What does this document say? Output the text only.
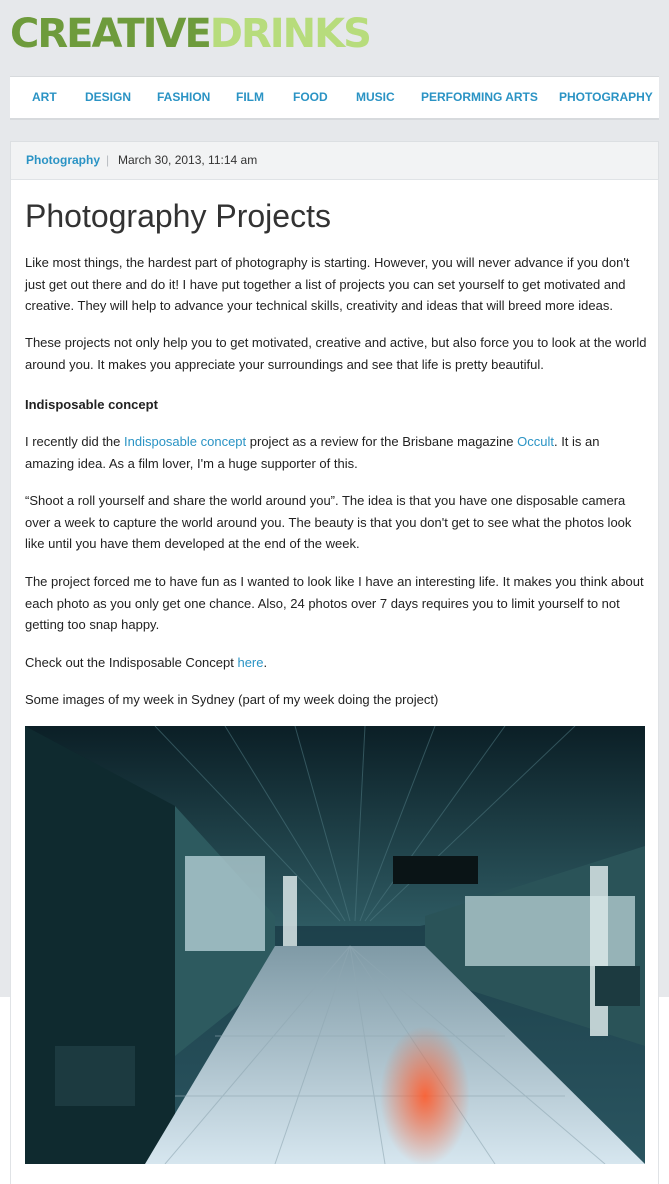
CREATIVEDRINKS
ART DESIGN FASHION FILM FOOD MUSIC PERFORMING ARTS PHOTOGRAPHY
Photography | March 30, 2013, 11:14 am
Photography Projects

Like most things, the hardest part of photography is starting. However, you will never advance if you don't just get out there and do it! I have put together a list of projects you can set yourself to get motivated and creative. They will help to advance your technical skills, creativity and ideas that will breed more ideas.

These projects not only help you to get motivated, creative and active, but also force you to look at the world around you. It makes you appreciate your surroundings and see that life is pretty beautiful.

Indisposable concept

I recently did the Indisposable concept project as a review for the Brisbane magazine Occult. It is an amazing idea. As a film lover, I'm a huge supporter of this.

“Shoot a roll yourself and share the world around you”. The idea is that you have one disposable camera over a week to capture the world around you. The beauty is that you don't get to see what the photos look like until you have them developed at the end of the week.

The project forced me to have fun as I wanted to look like I have an interesting life. It makes you think about each photo as you only get one chance. Also, 24 photos over 7 days requires you to limit yourself to not getting too snap happy.

Check out the Indisposable Concept here.

Some images of my week in Sydney (part of my week doing the project)
